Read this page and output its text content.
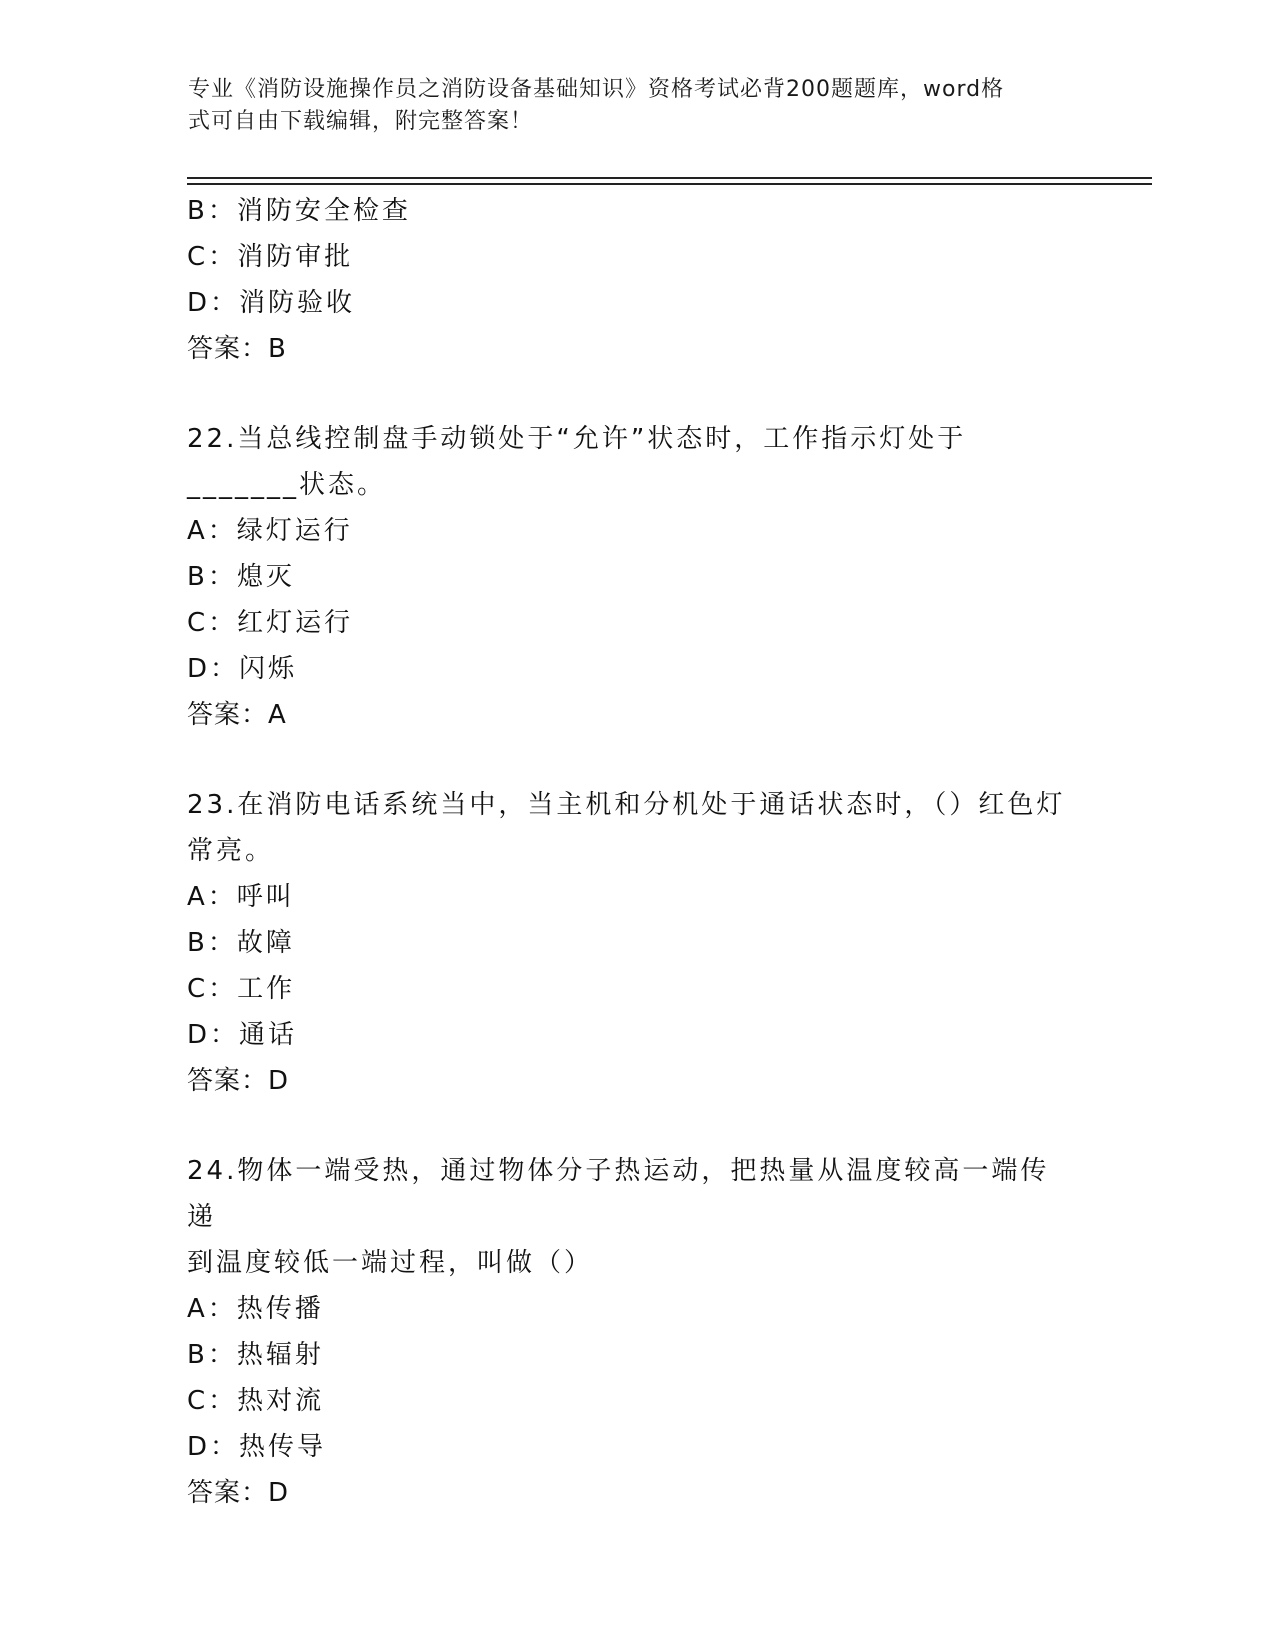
专业《消防设施操作员之消防设备基础知识》资格考试必背200题题库，word格
式可自由下载编辑，附完整答案！
B：消防安全检查
C：消防审批
D：消防验收
答案：B
22.当总线控制盘手动锁处于“允许”状态时，工作指示灯处于
_______状态。
A：绿灯运行
B：熄灭
C：红灯运行
D：闪烁
答案：A
23.在消防电话系统当中，当主机和分机处于通话状态时，（）红色灯
常亮。
A：呼叫
B：故障
C：工作
D：通话
答案：D
24.物体一端受热，通过物体分子热运动，把热量从温度较高一端传递
到温度较低一端过程，叫做（）
A：热传播
B：热辐射
C：热对流
D：热传导
答案：D
